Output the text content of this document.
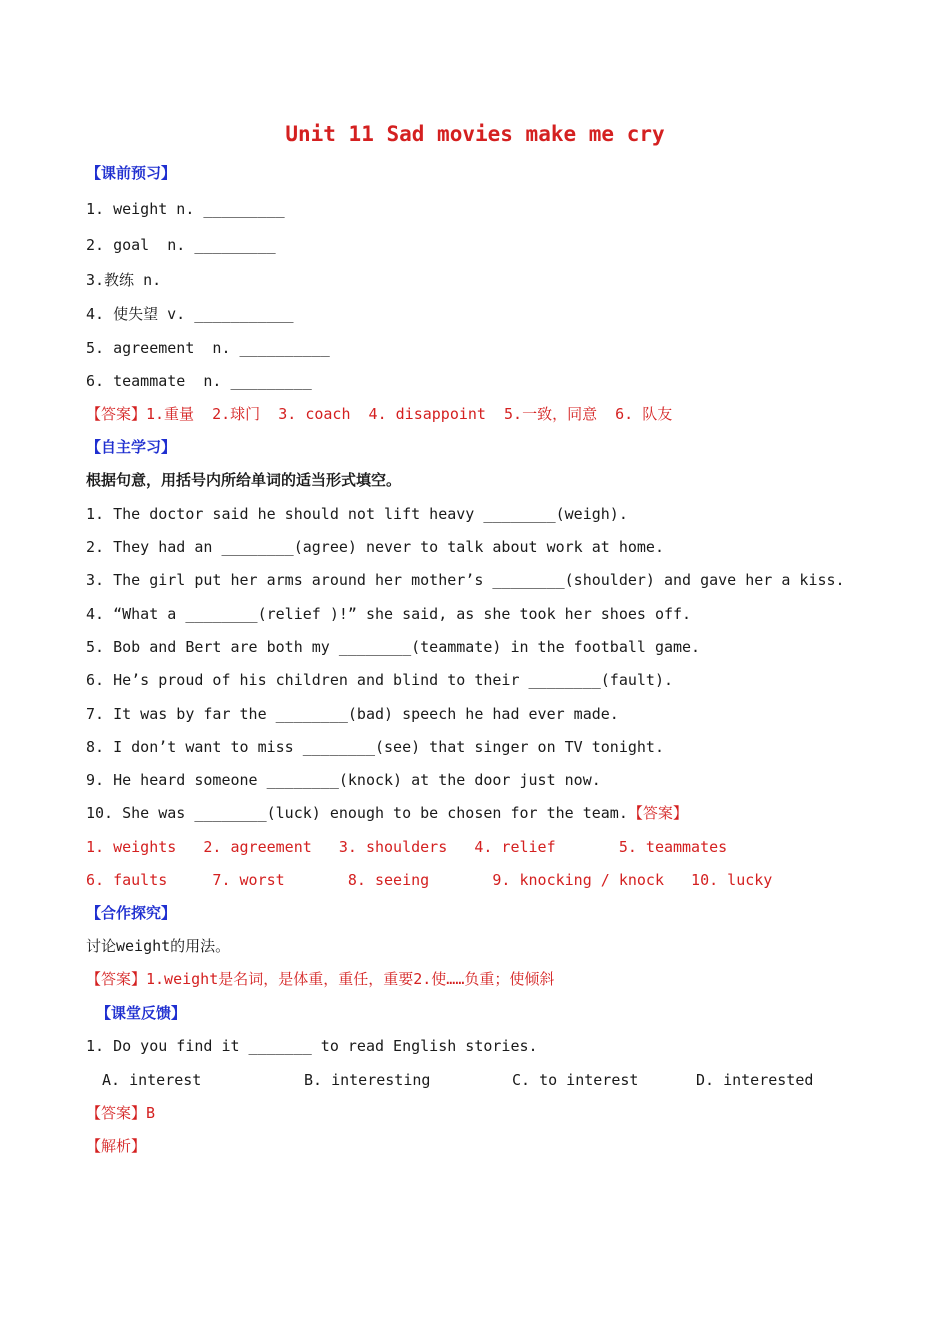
Unit 11 Sad movies make me cry
【课前预习】
1. weight n. _________
2. goal  n. _________
3.教练 n.
4. 使失望 v. ___________
5. agreement  n. __________
6. teammate  n. _________
【答案】1.重量  2.球门  3. coach  4. disappoint  5.一致，同意  6. 队友
【自主学习】
根据句意，用括号内所给单词的适当形式填空。
1. The doctor said he should not lift heavy ________(weigh).
2. They had an ________(agree) never to talk about work at home.
3. The girl put her arms around her mother’s ________(shoulder) and gave her a kiss.
4. “What a ________(relief )!” she said, as she took her shoes off.
5. Bob and Bert are both my ________(teammate) in the football game.
6. He’s proud of his children and blind to their ________(fault).
7. It was by far the ________(bad) speech he had ever made.
8. I don’t want to miss ________(see) that singer on TV tonight.
9. He heard someone ________(knock) at the door just now.
10. She was ________(luck) enough to be chosen for the team.【答案】
1. weights   2. agreement   3. shoulders   4. relief       5. teammates
6. faults     7. worst       8. seeing       9. knocking / knock   10. lucky
【合作探究】
讨论weight的用法。
【答案】1.weight是名词，是体重，重任，重要2.使……负重；使倾斜
【课堂反馈】
1. Do you find it _______ to read English stories.
A. interest	B. interesting	C. to interest	D. interested
【答案】B
【解析】
